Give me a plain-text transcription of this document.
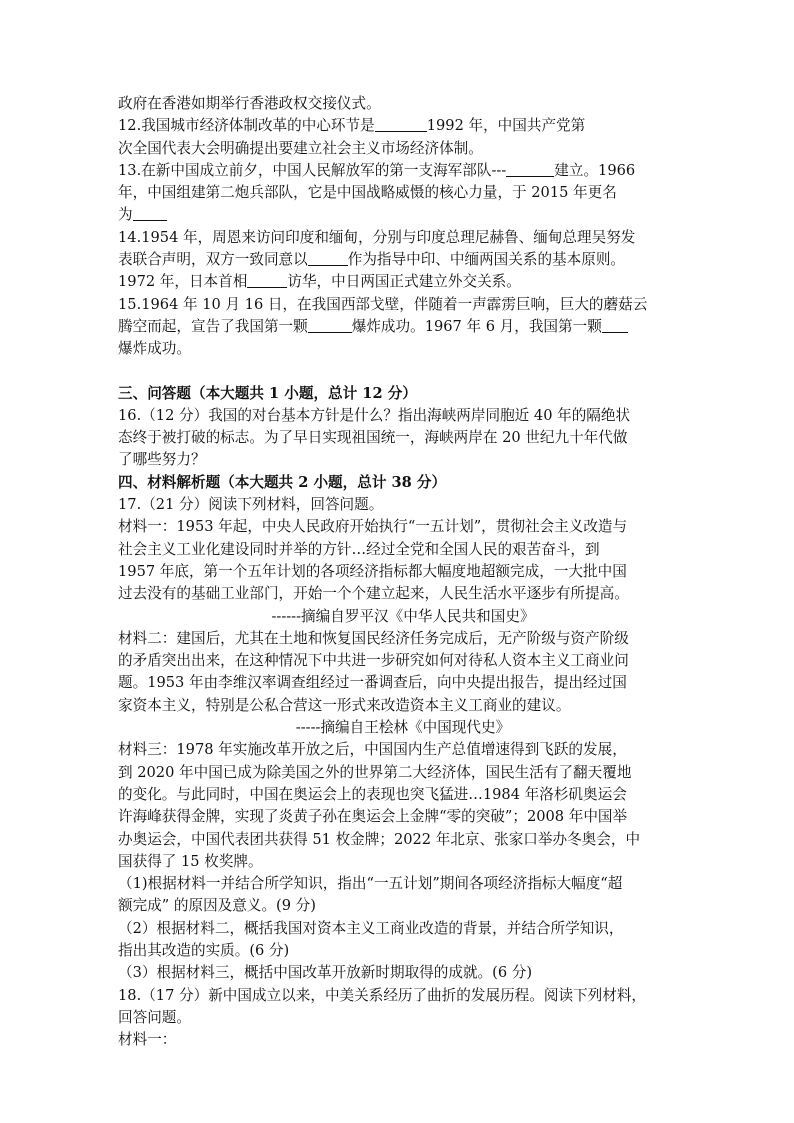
政府在香港如期举行香港政权交接仪式。

12.我国城市经济体制改革的中心环节是	1992 年，中国共产党第
次全国代表大会明确提出要建立社会主义市场经济体制。

13.在新中国成立前夕，中国人民解放军的第一支海军部队---	建立。1966
年，中国组建第二炮兵部队，它是中国战略威慑的核心力量，于 2015 年更名
为

14.1954 年，周恩来访问印度和缅甸，分别与印度总理尼赫鲁、缅甸总理吴努发
表联合声明，双方一致同意以	作为指导中印、中缅两国关系的基本原则。
1972 年，日本首相	访华，中日两国正式建立外交关系。

15.1964 年 10 月 16 日，在我国西部戈壁，伴随着一声霹雳巨响，巨大的蘑菇云
腾空而起，宣告了我国第一颗	爆炸成功。1967 年 6 月，我国第一颗
爆炸成功。

三、问答题（本大题共 1 小题，总计 12 分）

16.（12 分）我国的对台基本方针是什么？指出海峡两岸同胞近 40 年的隔绝状
态终于被打破的标志。为了早日实现祖国统一，海峡两岸在 20 世纪九十年代做
了哪些努力？

四、材料解析题（本大题共 2 小题，总计 38 分）

17.（21 分）阅读下列材料，回答问题。

材料一：1953 年起，中央人民政府开始执行“一五计划”，贯彻社会主义改造与
社会主义工业化建设同时并举的方针…经过全党和全国人民的艰苦奋斗，到
1957 年底，第一个五年计划的各项经济指标都大幅度地超额完成，一大批中国
过去没有的基础工业部门，开始一个个建立起来，人民生活水平逐步有所提高。

------摘编自罗平汉《中华人民共和国史》

材料二：建国后，尤其在土地和恢复国民经济任务完成后，无产阶级与资产阶级
的矛盾突出出来，在这种情况下中共进一步研究如何对待私人资本主义工商业问
题。1953 年由李维汉率调查组经过一番调查后，向中央提出报告，提出经过国
家资本主义，特别是公私合营这一形式来改造资本主义工商业的建议。

-----摘编自王桧林《中国现代史》

材料三：1978 年实施改革开放之后，中国国内生产总值增速得到飞跃的发展，
到 2020 年中国已成为除美国之外的世界第二大经济体，国民生活有了翻天覆地
的变化。与此同时，中国在奥运会上的表现也突飞猛进…1984 年洛杉矶奥运会
许海峰获得金牌，实现了炎黄子孙在奥运会上金牌“零的突破”；2008 年中国举
办奥运会，中国代表团共获得 51 枚金牌；2022 年北京、张家口举办冬奥会，中
国获得了 15 枚奖牌。

（1)根据材料一并结合所学知识，指出“一五计划”期间各项经济指标大幅度“超
额完成” 的原因及意义。(9 分)

（2）根据材料二，概括我国对资本主义工商业改造的背景，并结合所学知识，
指出其改造的实质。(6 分)

（3）根据材料三，概括中国改革开放新时期取得的成就。(6 分)

18.（17 分）新中国成立以来，中美关系经历了曲折的发展历程。阅读下列材料，
回答问题。

材料一：
